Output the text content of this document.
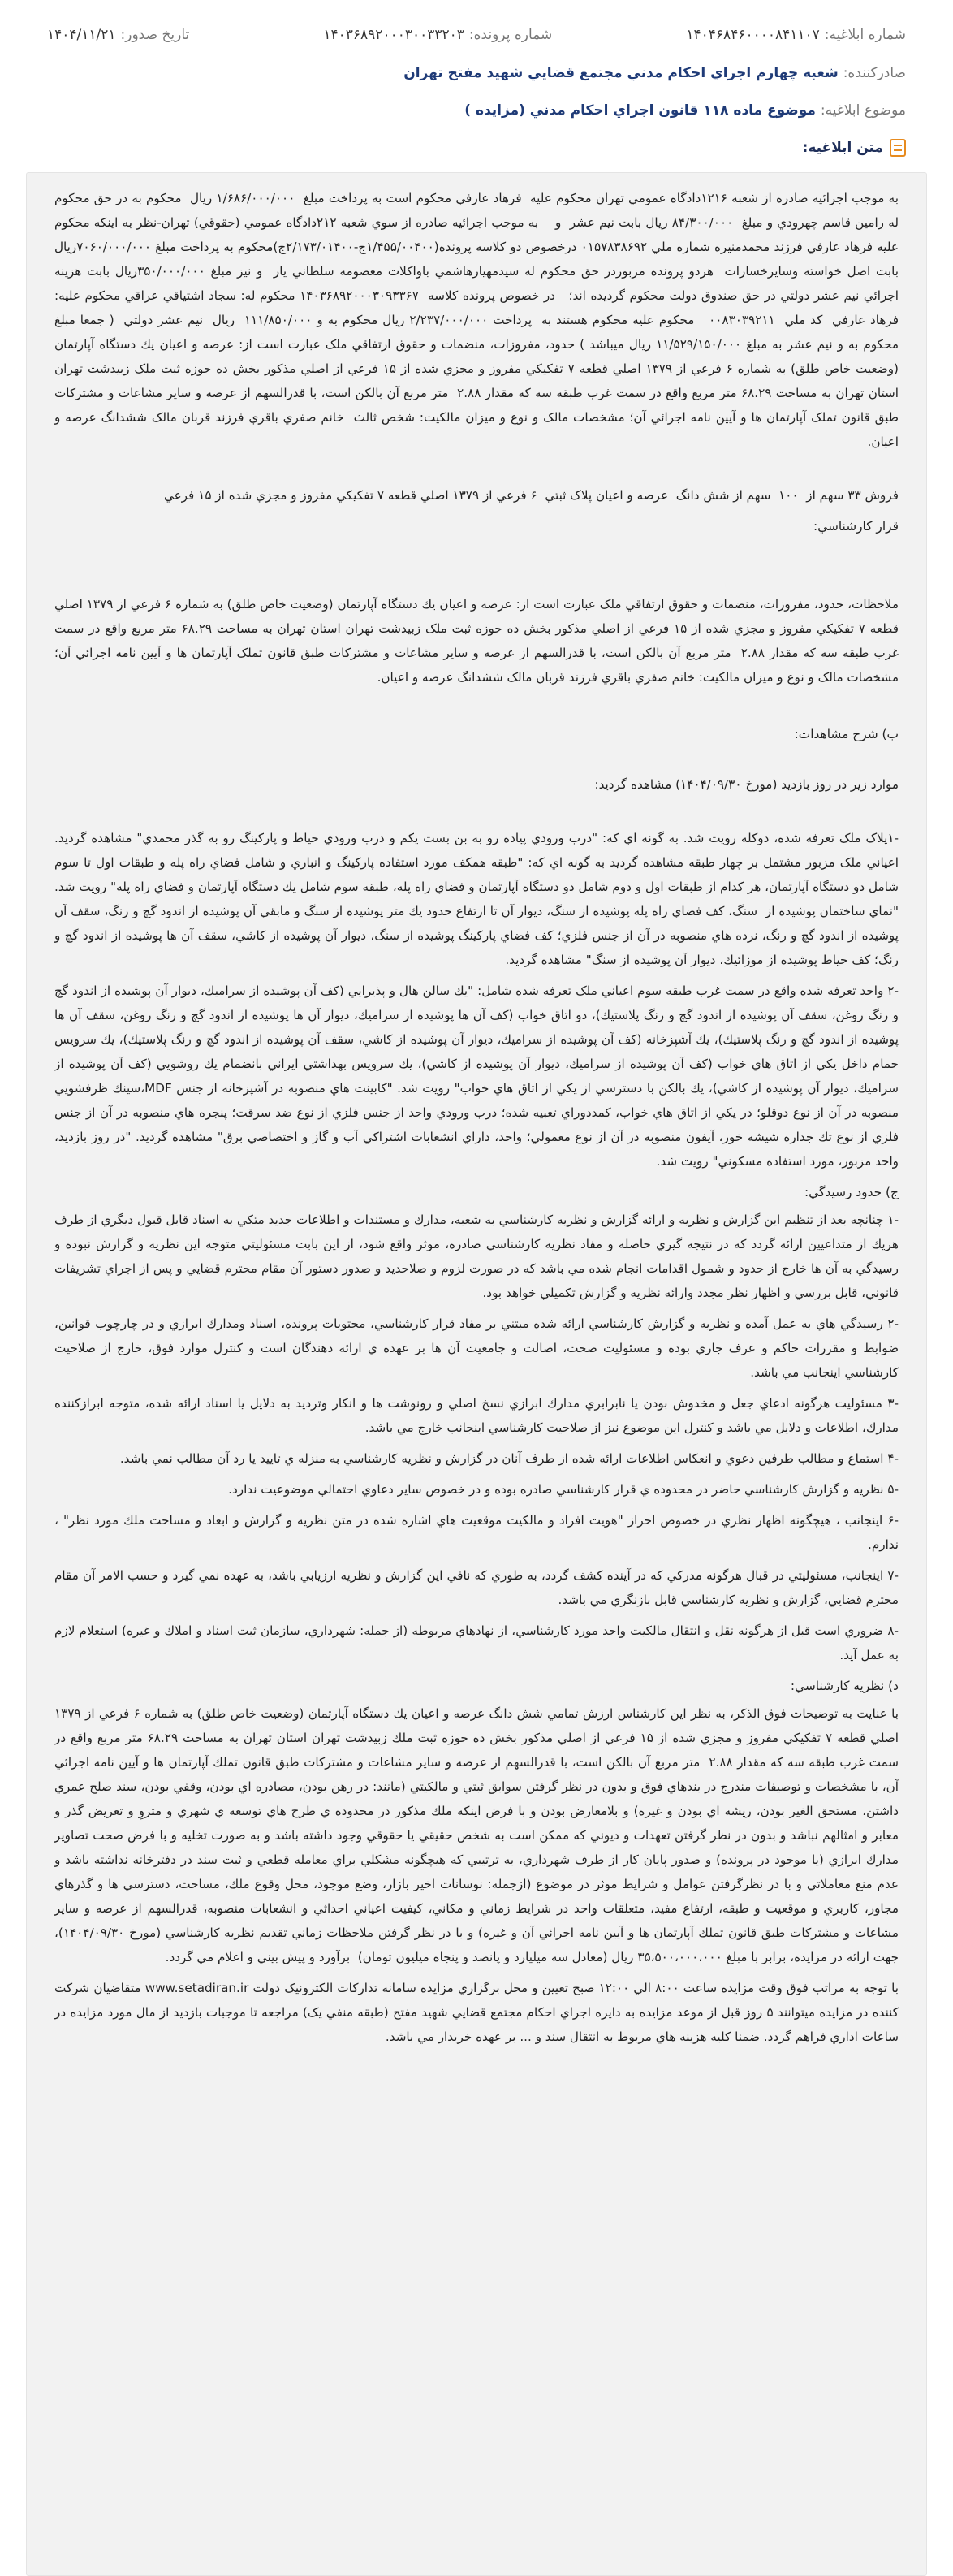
شماره ابلاغیه:
۱۴۰۴۶۸۴۶۰۰۰۰۸۴۱۱۰۷
شماره پرونده:
۱۴۰۳۶۸۹۲۰۰۰۳۰۰۳۳۲۰۳
تاريخ صدور:
۱۴۰۴/۱۱/۲۱
صادرکننده:
شعبه چهارم اجراي احکام مدني مجتمع قضايي شهيد مفتح تهران
موضوع ابلاغیه:
موضوع ماده ١١٨ قانون اجراي احکام مدني (مزايده )
متن ابلاغیه:

به موجب اجرائيه صادره از شعبه ۱۲۱۶دادگاه عمومي تهران محکوم عليه  فرهاد عارفي محکوم است به پرداخت مبلغ  ۱/۶۸۶/۰۰۰/۰۰۰ ريال  محکوم به در حق محکوم له رامين قاسم چهرودي و مبلغ  ۸۴/۳۰۰/۰۰۰ ريال بابت نيم عشر  و    به موجب اجرائيه صادره از سوي شعبه ۲۱۲دادگاه عمومي (حقوقي) تهران-نظر به اينکه محکوم عليه فرهاد عارفي فرزند محمدمنيره شماره ملي ۰۱۵۷۸۳۸۶۹۲ درخصوص دو کلاسه پرونده(۱/۴۵۵/۰۰۴۰۰ج-۲/۱۷۳/۰۱۴۰۰ج)محکوم به پرداخت مبلغ ۷۰۶۰/۰۰۰/۰۰۰ريال بابت اصل خواسته وسايرخسارات  هردو پرونده مزبوردر حق محکوم له سيدمهيارهاشمي باواکلات معصومه سلطاني يار  و نيز مبلغ ۳۵۰/۰۰۰/۰۰۰ريال بابت هزينه اجرائي نيم عشر دولتي در حق صندوق دولت محکوم گرديده اند؛   در خصوص پرونده کلاسه  ۱۴۰۳۶۸۹۲۰۰۰۳۰۹۳۳۶۷ محکوم له: سجاد اشتياقي عراقي محکوم عليه: فرهاد عارفي  کد ملي  ۰۰۸۳۰۳۹۲۱۱   محکوم عليه محکوم هستند به  پرداخت ۲/۲۳۷/۰۰۰/۰۰۰ ريال محکوم به و ۱۱۱/۸۵۰/۰۰۰  ريال  نيم عشر دولتي  ( جمعا مبلغ محکوم به و نيم عشر به مبلغ ۱۱/۵۲۹/۱۵۰/۰۰۰ ريال ميباشد ) حدود، مفروزات، منضمات و حقوق ارتفاقي ملک عبارت است از: عرصه و اعيان يك دستگاه آپارتمان (وضعيت خاص طلق) به شماره ۶ فرعي از ۱۳۷۹ اصلي قطعه ۷ تفکيکي مفروز و مجزي شده از ۱۵ فرعي از اصلي مذکور بخش ده حوزه ثبت ملک زبيدشت تهران استان تهران به مساحت ۶۸.۲۹ متر مربع واقع در سمت غرب طبقه سه که مقدار ۲.۸۸  متر مربع آن بالکن است، با قدرالسهم از عرصه و ساير مشاعات و مشترکات طبق قانون تملک آپارتمان ها و آيين نامه اجرائي آن؛ مشخصات مالک و نوع و ميزان مالکيت: شخص ثالث  خانم صفري باقري فرزند قربان مالک ششدانگ عرصه و اعيان.

فروش ۳۳ سهم از  ۱۰۰  سهم از شش دانگ  عرصه و اعيان پلاک ثبتي  ۶ فرعي از ۱۳۷۹ اصلي قطعه ۷ تفکيکي مفروز و مجزي شده از ۱۵ فرعي

قرار کارشناسي:

ملاحظات، حدود، مفروزات، منضمات و حقوق ارتفاقي ملک عبارت است از: عرصه و اعيان يك دستگاه آپارتمان (وضعيت خاص طلق) به شماره ۶ فرعي از ۱۳۷۹ اصلي قطعه ۷ تفکيکي مفروز و مجزي شده از ۱۵ فرعي از اصلي مذکور بخش ده حوزه ثبت ملک زبيدشت تهران استان تهران به مساحت ۶۸.۲۹ متر مربع واقع در سمت غرب طبقه سه که مقدار ۲.۸۸  متر مربع آن بالکن است، با قدرالسهم از عرصه و ساير مشاعات و مشترکات طبق قانون تملک آپارتمان ها و آيين نامه اجرائي آن؛ مشخصات مالک و نوع و ميزان مالکيت: خانم صفري باقري فرزند قربان مالک ششدانگ عرصه و اعيان.

ب) شرح مشاهدات:

موارد زير در روز بازديد (مورخ ۱۴۰۴/۰۹/۳۰) مشاهده گرديد:

-۱پلاک ملک تعرفه شده، دوکله رويت شد. به گونه اي که: "درب ورودي پياده رو به بن بست يکم و درب ورودي حياط و پارکينگ رو به گذر محمدي" مشاهده گرديد. اعياني ملک مزبور مشتمل بر چهار طبقه مشاهده گرديد به گونه اي که: "طبقه همکف مورد استفاده پارکينگ و انباري و شامل فضاي راه پله و طبقات اول تا سوم شامل دو دستگاه آپارتمان، هر کدام از طبقات اول و دوم شامل دو دستگاه آپارتمان و فضاي راه پله، طبقه سوم شامل يك دستگاه آپارتمان و فضاي راه پله" رويت شد. "نماي ساختمان پوشيده از  سنگ، کف فضاي راه پله پوشيده از سنگ، ديوار آن تا ارتفاع حدود يك متر پوشيده از سنگ و مابقي آن پوشيده از اندود گچ و رنگ، سقف آن پوشيده از اندود گچ و رنگ، نرده هاي منصوبه در آن از جنس فلزي؛ کف فضاي پارکينگ پوشيده از سنگ، ديوار آن پوشيده از کاشي، سقف آن ها پوشيده از اندود گچ و رنگ؛ کف حياط پوشيده از موزائيك، ديوار آن پوشيده از سنگ" مشاهده گرديد.

-۲ واحد تعرفه شده واقع در سمت غرب طبقه سوم اعياني ملک تعرفه شده شامل: "يك سالن هال و پذيرايي (کف آن پوشيده از سراميك، ديوار آن پوشيده از اندود گچ و رنگ روغن، سقف آن پوشيده از اندود گچ و رنگ پلاستيك)، دو اتاق خواب (کف آن ها پوشيده از سراميك، ديوار آن ها پوشيده از اندود گچ و رنگ روغن، سقف آن ها پوشيده از اندود گچ و رنگ پلاستيك)، يك آشپزخانه (کف آن پوشيده از سراميك، ديوار آن پوشيده از کاشي، سقف آن پوشيده از اندود گچ و رنگ پلاستيك)، يك سرويس حمام داخل يكي از اتاق هاي خواب (کف آن پوشيده از سراميك، ديوار آن پوشيده از کاشي)، يك سرويس بهداشتي ايراني بانضمام يك روشويي (کف آن پوشيده از سراميك، ديوار آن پوشيده از کاشي)، يك بالکن با دسترسي از يكي از اتاق هاي خواب" رويت شد. "کابينت هاي منصوبه در آشپزخانه از جنس MDF،سينك ظرفشويي منصوبه در آن از نوع دوقلو؛ در يكي از اتاق هاي خواب، کمددوراي تعبيه شده؛ درب ورودي واحد از جنس فلزي از نوع ضد سرقت؛ پنجره هاي منصوبه در آن از جنس فلزي از نوع تك جداره شيشه خور، آيفون منصوبه در آن از نوع معمولي؛ واحد، داراي انشعابات اشتراکي آب و گاز و اختصاصي برق" مشاهده گرديد. "در روز بازديد، واحد مزبور، مورد استفاده مسکوني" رويت شد.

ج) حدود رسيدگي:

-۱ چنانچه بعد از تنظيم اين گزارش و نظريه و ارائه گزارش و نظريه کارشناسي به شعبه، مدارك و مستندات و اطلاعات جديد متکي به اسناد قابل قبول ديگري از طرف هريك از متداعيين ارائه گردد که در نتيجه گيري حاصله و مفاد نظريه کارشناسي صادره، موثر واقع شود، از اين بابت مسئوليتي متوجه اين نظريه و گزارش نبوده و رسيدگي به آن ها خارج از حدود و شمول اقدامات انجام شده مي باشد که در صورت لزوم و صلاحديد و صدور دستور آن مقام محترم قضايي و پس از اجراي تشريفات قانوني، قابل بررسي و اظهار نظر مجدد وارائه نظريه و گزارش تکميلي خواهد بود.

-۲ رسيدگي هاي به عمل آمده و نظريه و گزارش کارشناسي ارائه شده مبتني بر مفاد قرار کارشناسي، محتويات پرونده، اسناد ومدارك ابرازي و در چارچوب قوانين، ضوابط و مقررات حاکم و عرف جاري بوده و مسئوليت صحت، اصالت و جامعيت آن ها بر عهده ي ارائه دهندگان است و کنترل موارد فوق، خارج از صلاحيت کارشناسي اينجانب مي باشد.

-۳ مسئوليت هرگونه ادعاي جعل و مخدوش بودن يا نابرابري مدارك ابرازي نسخ اصلي و رونوشت ها و انکار وترديد به دلايل يا اسناد ارائه شده، متوجه ابرازکننده مدارك، اطلاعات و دلايل مي باشد و کنترل اين موضوع نيز از صلاحيت کارشناسي اينجانب خارج مي باشد.

-۴ استماع و مطالب طرفين دعوي و انعکاس اطلاعات ارائه شده از طرف آنان در گزارش و نظريه کارشناسي به منزله ي تاييد يا رد آن مطالب نمي باشد.

-۵ نظريه و گزارش کارشناسي حاضر در محدوده ي قرار کارشناسي صادره بوده و در خصوص ساير دعاوي احتمالي موضوعيت ندارد.

-۶ اينجانب ، هيچگونه اظهار نظري در خصوص احراز "هويت افراد و مالکيت موقعيت هاي اشاره شده در متن نظريه و گزارش و ابعاد و مساحت ملك مورد نظر" ، ندارم.

-۷ اينجانب، مسئوليتي در قبال هرگونه مدرکي که در آينده کشف گردد، به طوري که نافي اين گزارش و نظريه ارزيابي باشد، به عهده نمي گيرد و حسب الامر آن مقام محترم قضايي، گزارش و نظريه کارشناسي قابل بازنگري مي باشد.

-۸ ضروري است قبل از هرگونه نقل و انتقال مالکيت واحد مورد کارشناسي، از نهادهاي مربوطه (از جمله: شهرداري، سازمان ثبت اسناد و املاك و غيره) استعلام لازم به عمل آيد.

د) نظريه کارشناسي:

با عنايت به توضيحات فوق الذکر، به نظر اين کارشناس ارزش تمامي شش دانگ عرصه و اعيان يك دستگاه آپارتمان (وضعيت خاص طلق) به شماره ۶ فرعي از ۱۳۷۹ اصلي قطعه ۷ تفکيکي مفروز و مجزي شده از ۱۵ فرعي از اصلي مذکور بخش ده حوزه ثبت ملك زبيدشت تهران استان تهران به مساحت ۶۸.۲۹ متر مربع واقع در سمت غرب طبقه سه که مقدار ۲.۸۸  متر مربع آن بالکن است، با قدرالسهم از عرصه و ساير مشاعات و مشترکات طبق قانون تملك آپارتمان ها و آيين نامه اجرائي آن، با مشخصات و توصيفات مندرج در بندهاي فوق و بدون در نظر گرفتن سوابق ثبتي و مالکيتي (مانند: در رهن بودن، مصادره اي بودن، وقفي بودن، سند صلح عمري داشتن، مستحق الغير بودن، ريشه اي بودن و غيره) و بلامعارض بودن و با فرض اينکه ملك مذکور در محدوده ي طرح هاي توسعه ي شهري و متروِ و تعريض گذر و معابر و امثالهم نباشد و بدون در نظر گرفتن تعهدات و ديوني که ممکن است به شخص حقيقي يا حقوقي وجود داشته باشد و به صورت تخليه و با فرض صحت تصاوير مدارك ابرازي (يا موجود در پرونده) و صدور پايان کار از طرف شهرداري، به ترتيبي که هيچگونه مشکلي براي معامله قطعي و ثبت سند در دفترخانه نداشته باشد و عدم منع معاملاتي و با در نظرگرفتن عوامل و شرايط موثر در موضوع (ازجمله: نوسانات اخير بازار، وضع موجود، محل وقوع ملك، مساحت، دسترسي ها و گذرهاي مجاور، کاربري و موقعيت و طبقه، ارتفاع مفيد، متعلقات واحد در شرايط زماني و مکاني، کيفيت اعياني احداثي و انشعابات منصوبه، قدرالسهم از عرصه و ساير مشاعات و مشترکات طبق قانون تملك آپارتمان ها و آيين نامه اجرائي آن و غيره) و با در نظر گرفتن ملاحظات زماني تقديم نظريه کارشناسي (مورخ ۱۴۰۴/۰۹/۳۰)، جهت ارائه در مزايده، برابر با مبلغ ۳۵،۵۰۰،۰۰۰،۰۰۰ ريال (معادل سه ميليارد و پانصد و پنجاه ميليون تومان)  برآورد و پيش بيني و اعلام مي گردد.

با توجه به مراتب فوق وقت مزايده ساعت ۸:۰۰ الي ۱۲:۰۰ صبح تعيين و محل برگزاري مزايده سامانه تدارکات الکترونيک دولت www.setadiran.ir متقاضيان شرکت کننده در مزايده ميتوانند ۵ روز قبل از موعد مزايده به دايره اجراي احکام مجتمع قضايي شهيد مفتح (طبقه منفي يک) مراجعه تا موجبات بازديد از مال مورد مزايده در ساعات اداري فراهم گردد. ضمنا کليه هزينه هاي مربوط به انتقال سند و ... بر عهده خريدار مي باشد.
